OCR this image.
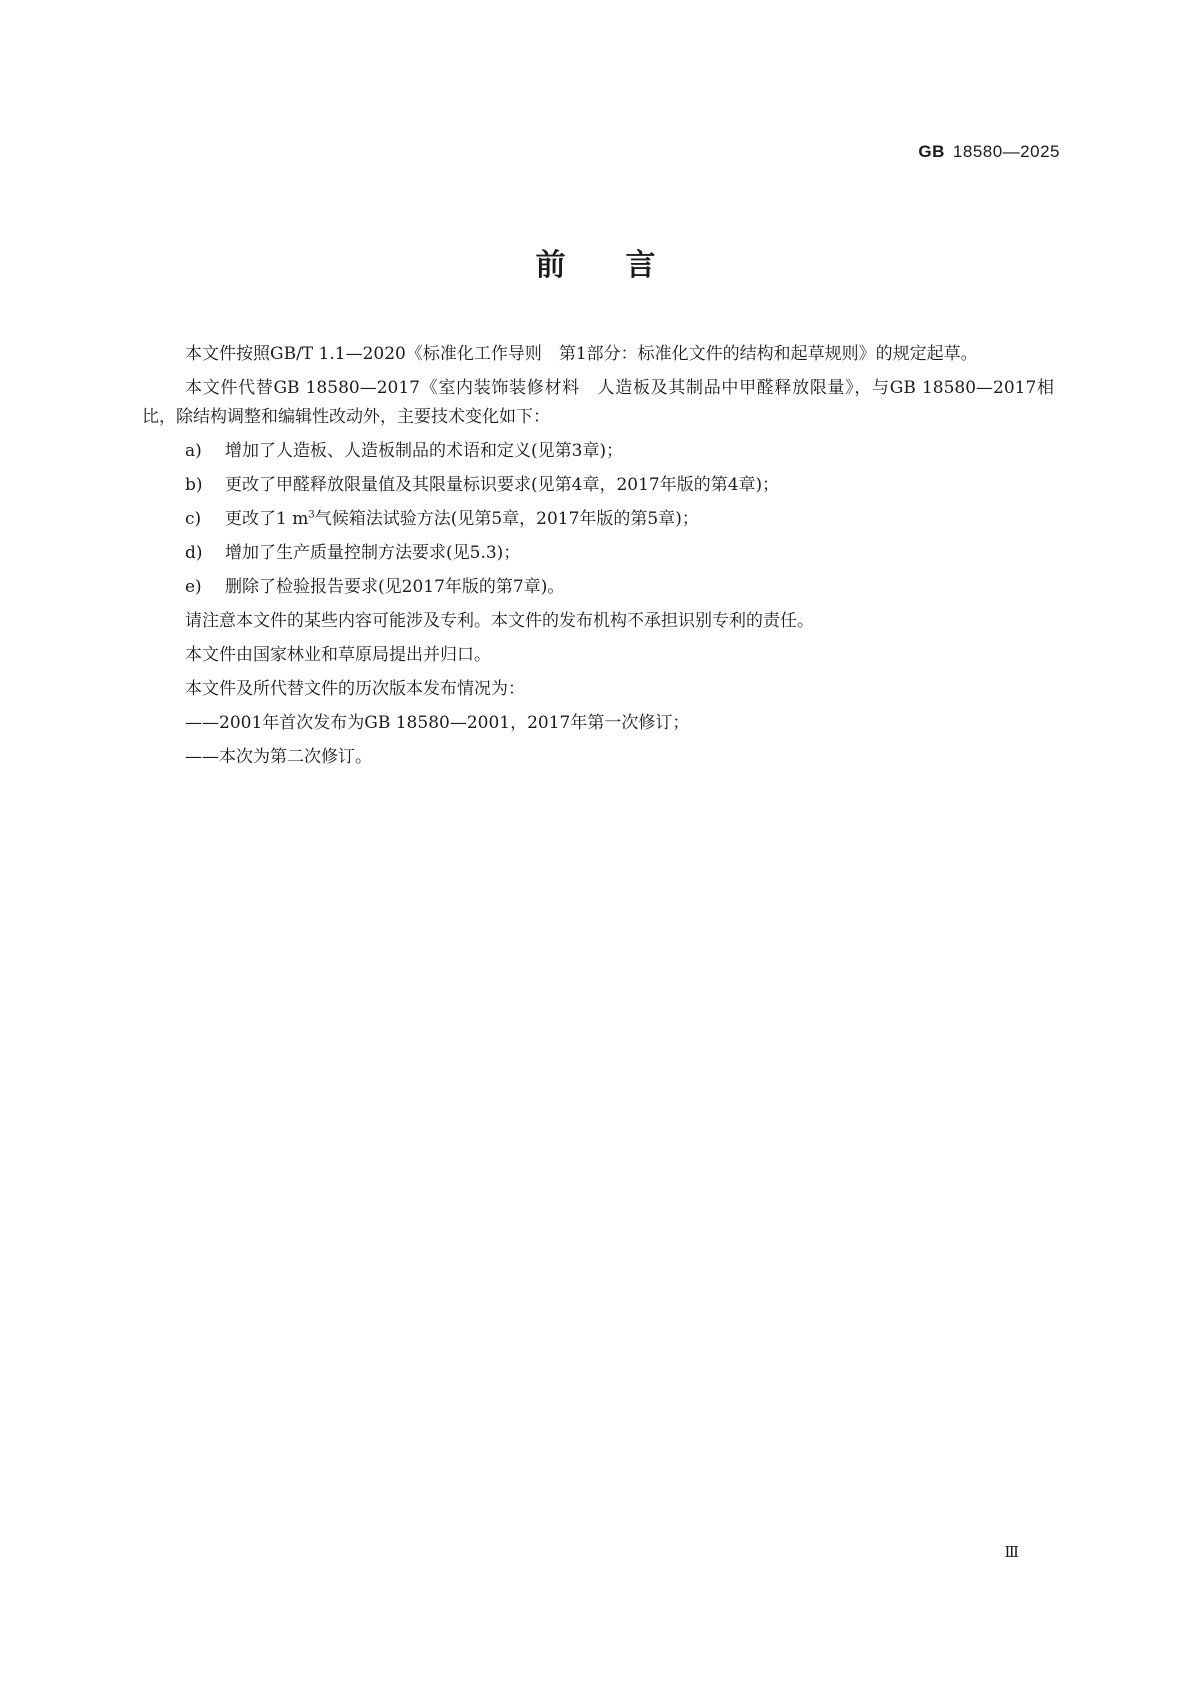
GB 18580—2025
前言

本文件按照GB/T 1.1—2020《标准化工作导则　第1部分：标准化文件的结构和起草规则》的规定起草。

本文件代替GB 18580—2017《室内装饰装修材料　人造板及其制品中甲醛释放限量》，与GB 18580—2017相比，除结构调整和编辑性改动外，主要技术变化如下：

a)	增加了人造板、人造板制品的术语和定义(见第3章)；
b)	更改了甲醛释放限量值及其限量标识要求(见第4章，2017年版的第4章)；
c)	更改了1 $m^3$气候箱法试验方法(见第5章，2017年版的第5章)；
d)	增加了生产质量控制方法要求(见5.3)；
e)	删除了检验报告要求(见2017年版的第7章)。

请注意本文件的某些内容可能涉及专利。本文件的发布机构不承担识别专利的责任。

本文件由国家林业和草原局提出并归口。

本文件及所代替文件的历次版本发布情况为：

——2001年首次发布为GB 18580—2001，2017年第一次修订；
——本次为第二次修订。
Ⅲ
